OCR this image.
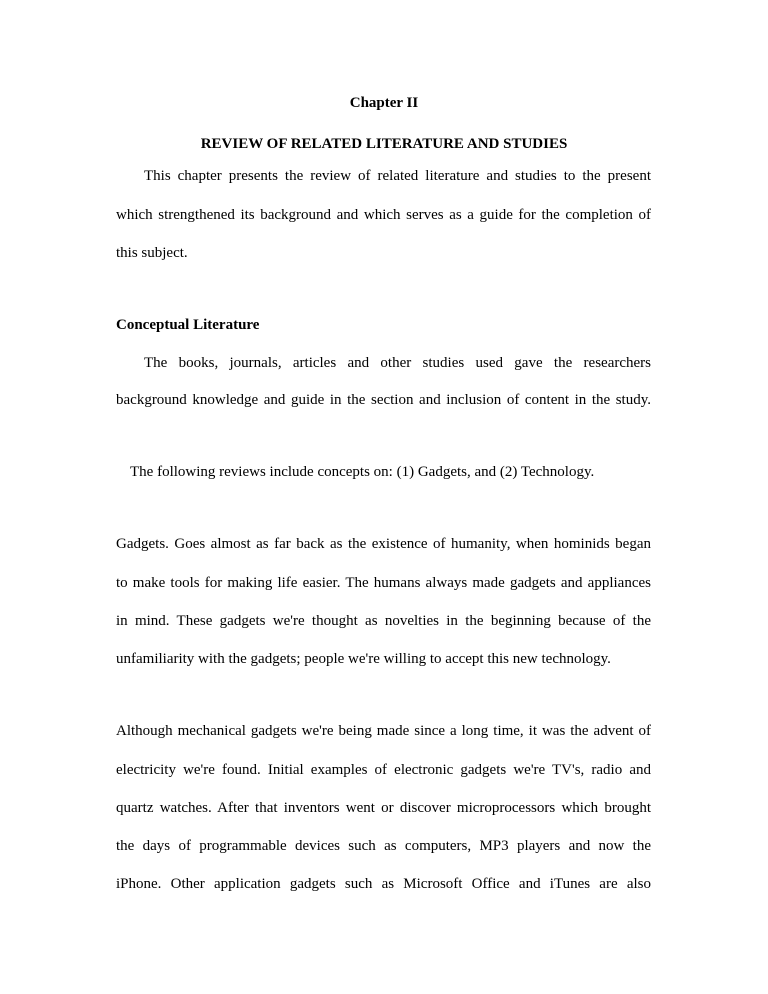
Chapter II
REVIEW OF RELATED LITERATURE AND STUDIES
This chapter presents the review of related literature and studies to the present
which strengthened its background and which serves as a guide for the completion of
this subject.
Conceptual Literature
The books, journals, articles and other studies used gave the researchers
background knowledge and guide in the section and inclusion of content in the study.
The following reviews include concepts on: (1) Gadgets, and (2) Technology.
Gadgets. Goes almost as far back as the existence of humanity, when hominids began
to make tools for making life easier. The humans always made gadgets and appliances
in mind. These gadgets we're thought as novelties in the beginning because of the
unfamiliarity with the gadgets; people we're willing to accept this new technology.
Although mechanical gadgets we're being made since a long time, it was the advent of
electricity we're found. Initial examples of electronic gadgets we're TV's, radio and
quartz watches. After that inventors went or discover microprocessors which brought
the days of programmable devices such as computers, MP3 players and now the
iPhone. Other application gadgets such as Microsoft Office and iTunes are also
